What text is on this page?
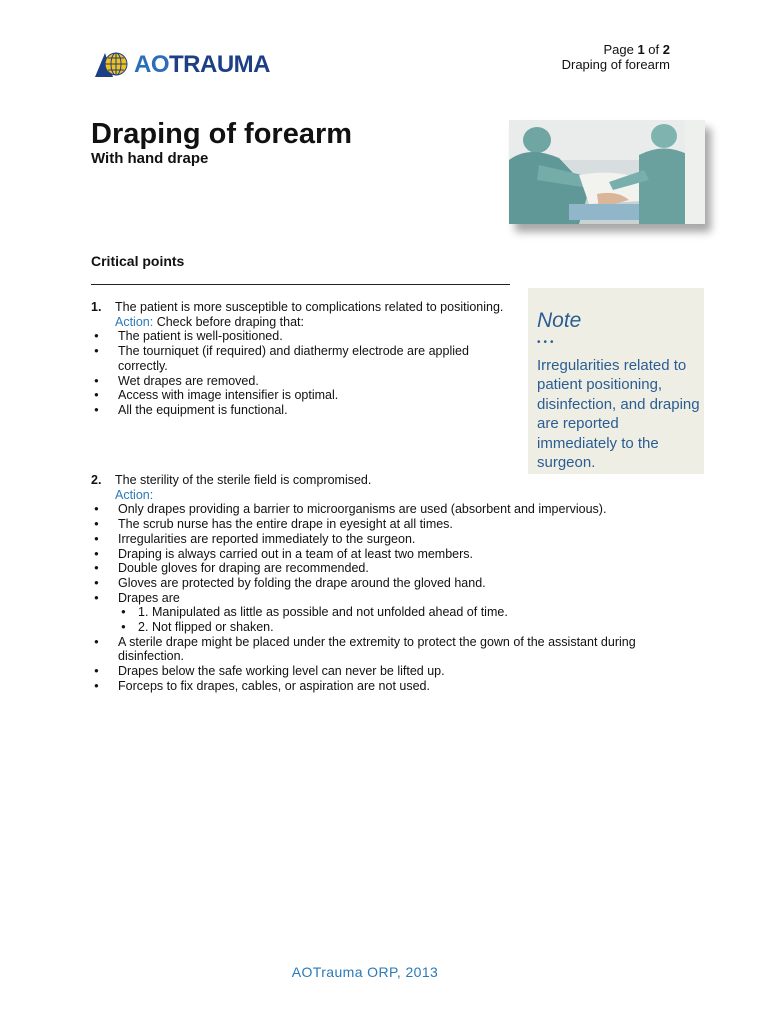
AOTRAUMA
Page 1 of 2
Draping of forearm
Draping of forearm
With hand drape
Critical points
Note
•••
Irregularities related to patient positioning, disinfection, and draping are reported immediately to the surgeon.
1. The patient is more susceptible to complications related to positioning.
Action: Check before draping that:
● The patient is well-positioned.
● The tourniquet (if required) and diathermy electrode are applied correctly.
● Wet drapes are removed.
● Access with image intensifier is optimal.
● All the equipment is functional.
2. The sterility of the sterile field is compromised.
Action:
● Only drapes providing a barrier to microorganisms are used (absorbent and impervious).
● The scrub nurse has the entire drape in eyesight at all times.
● Irregularities are reported immediately to the surgeon.
● Draping is always carried out in a team of at least two members.
● Double gloves for draping are recommended.
● Gloves are protected by folding the drape around the gloved hand.
● Drapes are
● 1. Manipulated as little as possible and not unfolded ahead of time.
● 2. Not flipped or shaken.
● A sterile drape might be placed under the extremity to protect the gown of the assistant during disinfection.
● Drapes below the safe working level can never be lifted up.
● Forceps to fix drapes, cables, or aspiration are not used.
AOTrauma ORP, 2013
